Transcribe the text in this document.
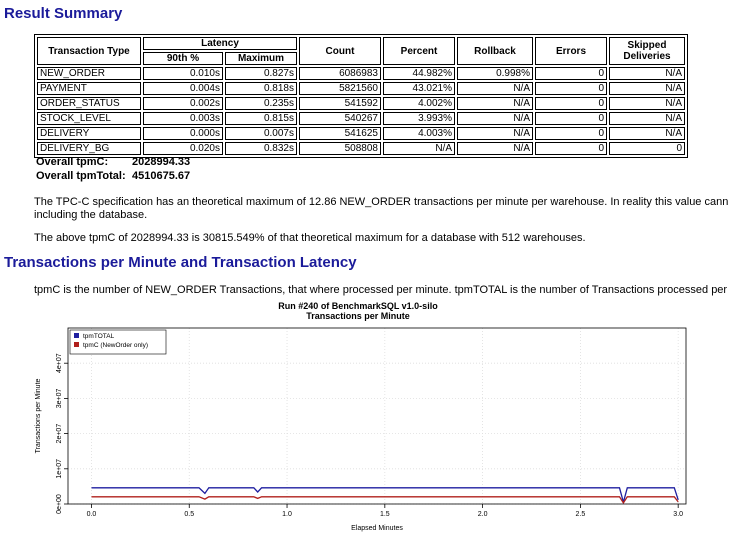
Result Summary
Transaction Type	Latency		Count	Percent	Rollback	Errors	Skipped Deliveries
	90th %	Maximum					
NEW_ORDER	0.010s	0.827s	6086983	44.982%	0.998%	0	N/A
PAYMENT	0.004s	0.818s	5821560	43.021%	N/A	0	N/A
ORDER_STATUS	0.002s	0.235s	541592	4.002%	N/A	0	N/A
STOCK_LEVEL	0.003s	0.815s	540267	3.993%	N/A	0	N/A
DELIVERY	0.000s	0.007s	541625	4.003%	N/A	0	N/A
DELIVERY_BG	0.020s	0.832s	508808	N/A	N/A	0	0
Overall tpmC: 2028994.33
Overall tpmTotal: 4510675.67
The TPC-C specification has an theoretical maximum of 12.86 NEW_ORDER transactions per minute per warehouse. In reality this value cann
including the database.
The above tpmC of 2028994.33 is 30815.549% of that theoretical maximum for a database with 512 warehouses.
Transactions per Minute and Transaction Latency
tpmC is the number of NEW_ORDER Transactions, that where processed per minute. tpmTOTAL is the number of Transactions processed per
Run #240 of BenchmarkSQL v1.0-silo
Transactions per Minute
0.0	0.5	1.0	1.5	2.0	2.5	3.0
0e+00
1e+07
2e+07
3e+07
4e+07
Elapsed Minutes
Transactions per Minute
tpmTOTAL
tpmC (NewOrder only)
